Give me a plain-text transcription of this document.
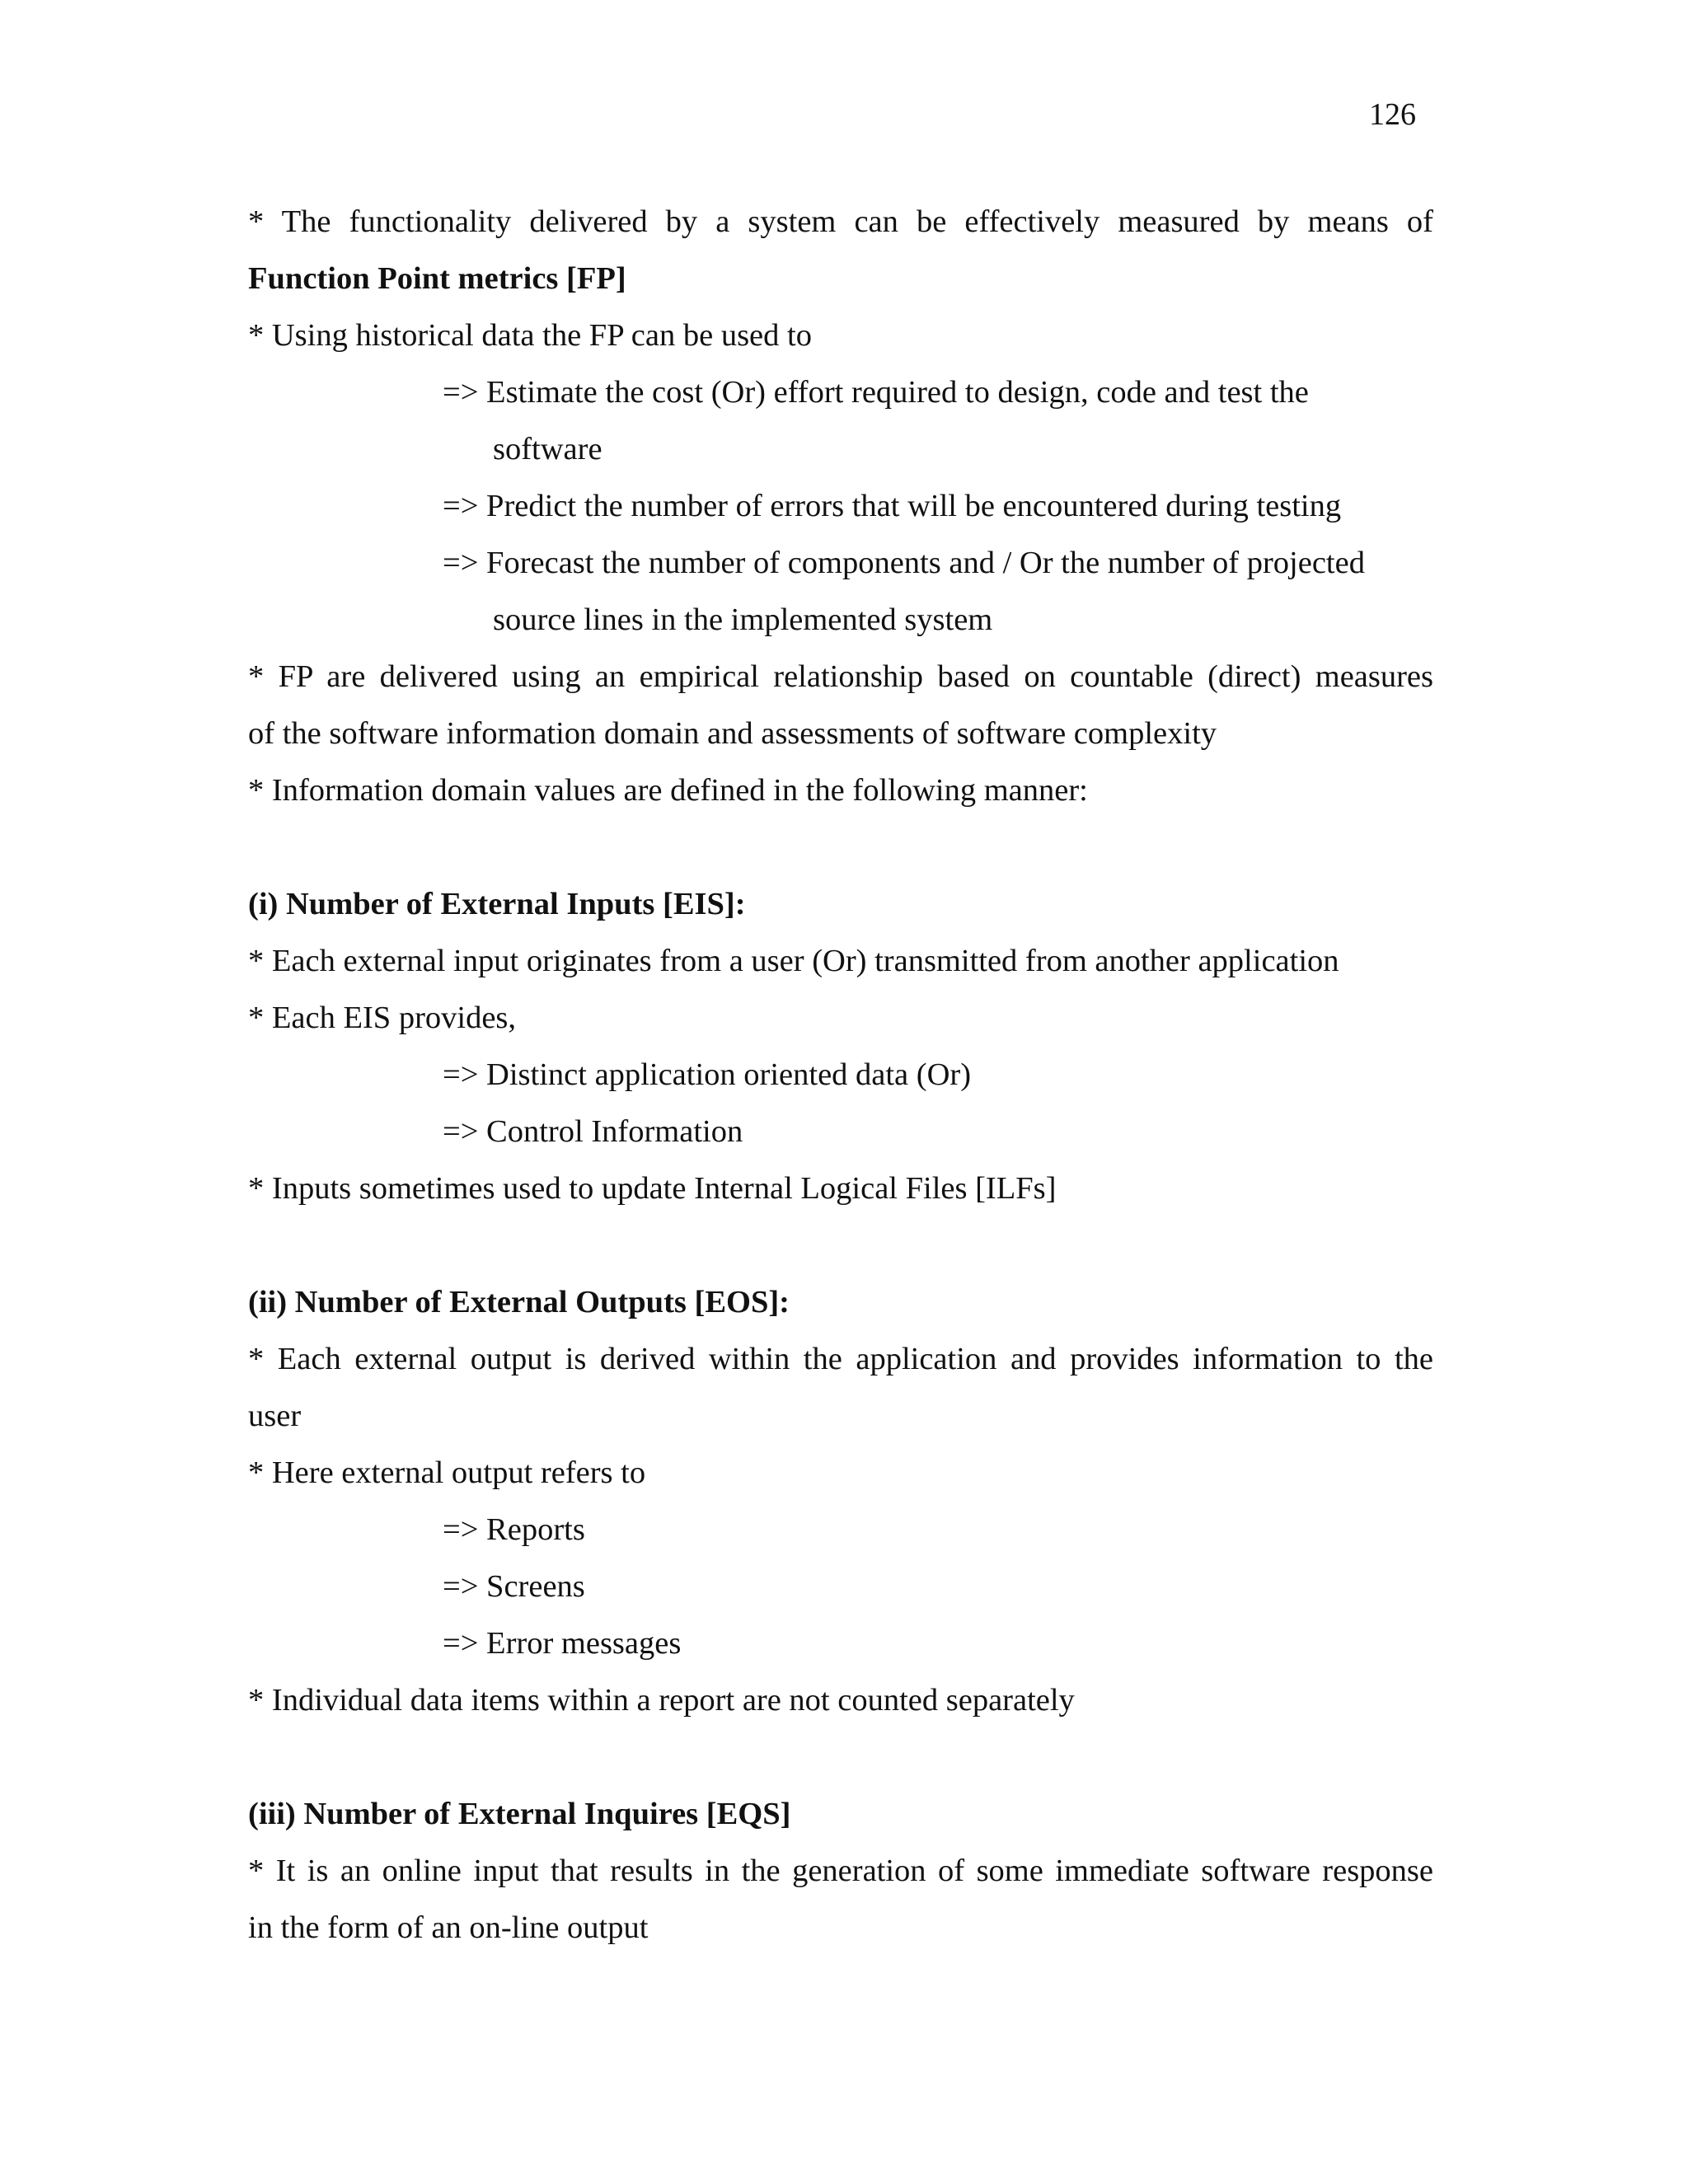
126
* The functionality delivered by a system can be effectively measured by means of
Function Point metrics [FP]
* Using historical data the FP can be used to
=> Estimate the cost (Or) effort required to design, code and test the
software
=> Predict the number of errors that will be encountered during testing
=> Forecast the number of components and / Or the number of projected
source lines in the implemented system
* FP are delivered using an empirical relationship based on countable (direct) measures
of the software information domain and assessments of software complexity
* Information domain values are defined in the following manner:
(i) Number of External Inputs [EIS]:
* Each external input originates from a user (Or) transmitted from another application
* Each EIS provides,
=> Distinct application oriented data (Or)
=> Control Information
* Inputs sometimes used to update Internal Logical Files [ILFs]
(ii) Number of External Outputs [EOS]:
* Each external output is derived within the application and provides information to the
user
* Here external output refers to
=> Reports
=> Screens
=> Error messages
* Individual data items within a report are not counted separately
(iii) Number of External Inquires [EQS]
* It is an online input that results in the generation of some immediate software response
in the form of an on-line output
